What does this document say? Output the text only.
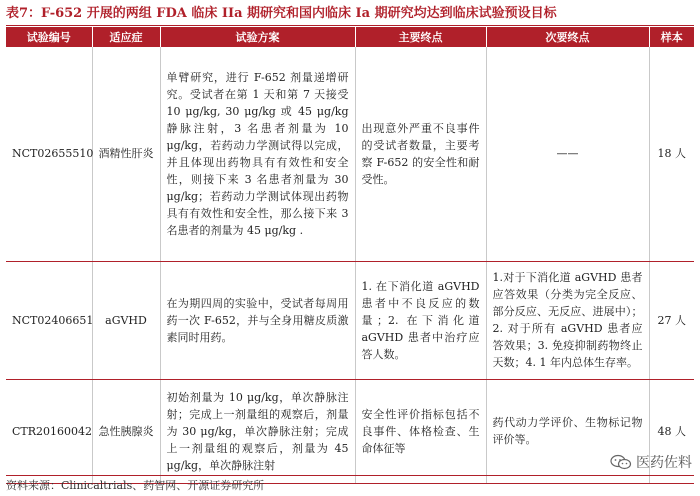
表7：F-652 开展的两组 FDA 临床 IIa 期研究和国内临床 Ia 期研究均达到临床试验预设目标
试验编号	适应症	试验方案	主要终点	次要终点	样本
NCT02655510	酒精性肝炎	单臂研究，进行 F-652 剂量递增研究。受试者在第 1 天和第 7 天接受 10 μg/kg, 30 μg/kg 或 45 μg/kg 静脉注射，3 名患者剂量为 10 μg/kg，若药动力学测试得以完成，并且体现出药物具有有效性和安全性，则接下来 3 名患者剂量为 30 μg/kg；若药动力学测试体现出药物具有有效性和安全性，那么接下来 3 名患者的剂量为 45 μg/kg .	出现意外严重不良事件的受试者数量，主要考察 F-652 的安全性和耐受性。	——	18 人
NCT02406651	aGVHD	在为期四周的实验中，受试者每周用药一次 F-652，并与全身用糖皮质激素同时用药。	1. 在下消化道 aGVHD 患者中不良反应的数量；2. 在下消化道 aGVHD 患者中治疗应答人数。	1.对于下消化道 aGVHD 患者应答效果（分类为完全反应、部分反应、无反应、进展中）；2. 对于所有 aGVHD 患者应答效果；3. 免疫抑制药物终止天数；4. 1 年内总体生存率。	27 人
CTR20160042	急性胰腺炎	初始剂量为 10 μg/kg，单次静脉注射；完成上一剂量组的观察后，剂量为 30 μg/kg，单次静脉注射；完成上一剂量组的观察后，剂量为 45 μg/kg，单次静脉注射	安全性评价指标包括不良事件、体格检查、生命体征等	药代动力学评价、生物标记物评价等。	48 人
资料来源：Clinicaltrials、药智网、开源证券研究所
医药佐料
